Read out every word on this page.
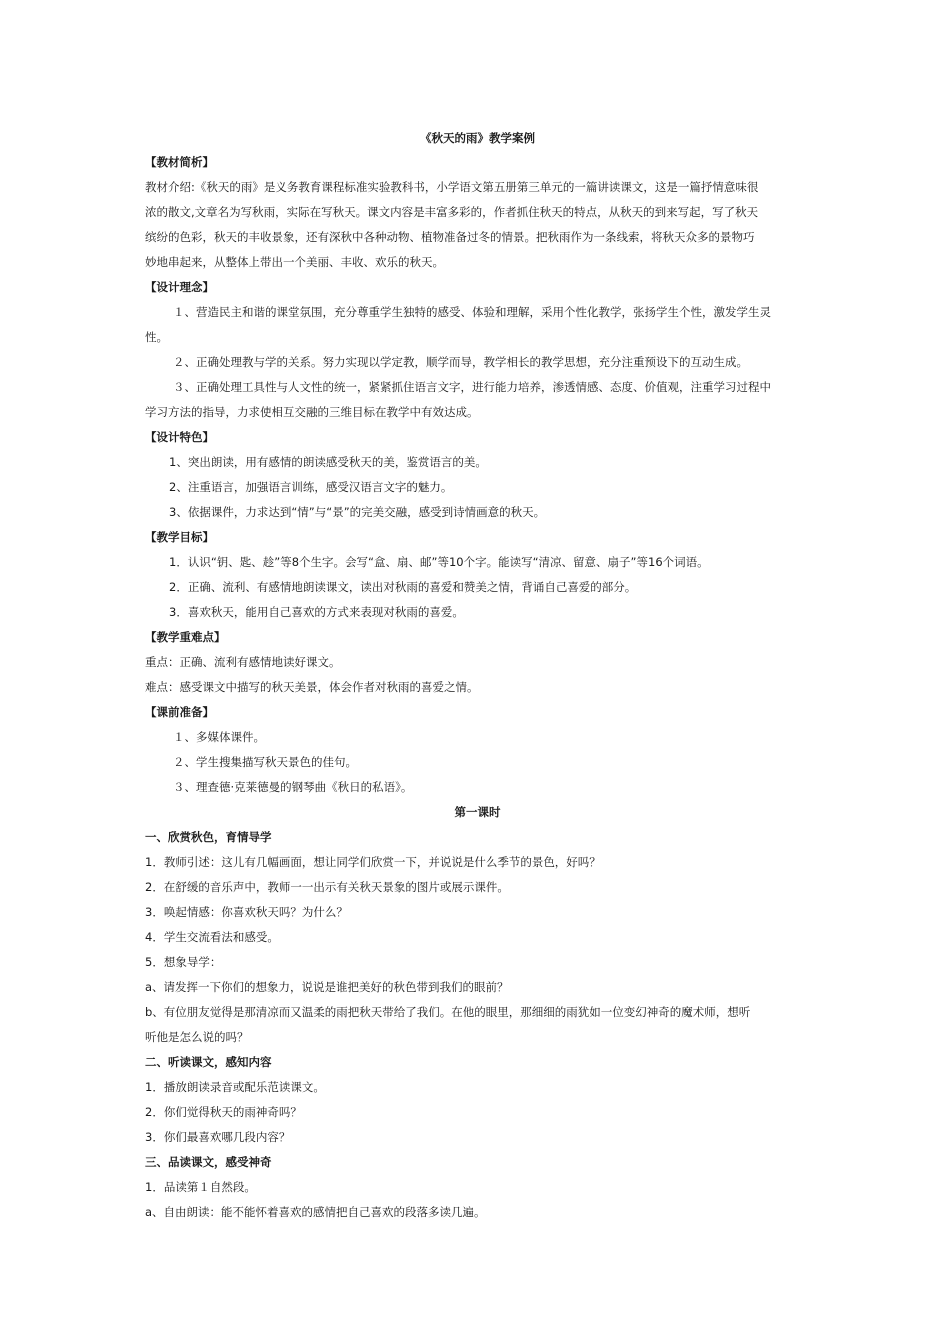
《秋天的雨》教学案例
【教材简析】
教材介绍:《秋天的雨》是义务教育课程标准实验教科书，小学语文第五册第三单元的一篇讲读课文，这是一篇抒情意味很
浓的散文,文章名为写秋雨，实际在写秋天。课文内容是丰富多彩的，作者抓住秋天的特点，从秋天的到来写起，写了秋天
缤纷的色彩，秋天的丰收景象，还有深秋中各种动物、植物准备过冬的情景。把秋雨作为一条线索，将秋天众多的景物巧
妙地串起来，从整体上带出一个美丽、丰收、欢乐的秋天。
【设计理念】
１、营造民主和谐的课堂氛围，充分尊重学生独特的感受、体验和理解，采用个性化教学，张扬学生个性，激发学生灵
性。
２、正确处理教与学的关系。努力实现以学定教，顺学而导，教学相长的教学思想，充分注重预设下的互动生成。
３、正确处理工具性与人文性的统一，紧紧抓住语言文字，进行能力培养，渗透情感、态度、价值观，注重学习过程中
学习方法的指导，力求使相互交融的三维目标在教学中有效达成。
【设计特色】
1、突出朗读，用有感情的朗读感受秋天的美，鉴赏语言的美。
2、注重语言，加强语言训练，感受汉语言文字的魅力。
3、依据课件，力求达到“情”与“景”的完美交融，感受到诗情画意的秋天。
【教学目标】
1．认识“钥、匙、趁”等8个生字。会写“盒、扇、邮”等10个字。能读写“清凉、留意、扇子”等16个词语。
2．正确、流利、有感情地朗读课文，读出对秋雨的喜爱和赞美之情，背诵自己喜爱的部分。
3．喜欢秋天，能用自己喜欢的方式来表现对秋雨的喜爱。
【教学重难点】
重点：正确、流利有感情地读好课文。
难点：感受课文中描写的秋天美景，体会作者对秋雨的喜爱之情。
【课前准备】
１、多媒体课件。
２、学生搜集描写秋天景色的佳句。
３、理查德·克莱德曼的钢琴曲《秋日的私语》。
第一课时
一、欣赏秋色，育情导学
1．教师引述：这儿有几幅画面，想让同学们欣赏一下，并说说是什么季节的景色，好吗？
2．在舒缓的音乐声中，教师一一出示有关秋天景象的图片或展示课件。
3．唤起情感：你喜欢秋天吗？为什么？
4．学生交流看法和感受。
5．想象导学：
a、请发挥一下你们的想象力，说说是谁把美好的秋色带到我们的眼前？
b、有位朋友觉得是那清凉而又温柔的雨把秋天带给了我们。在他的眼里，那细细的雨犹如一位变幻神奇的魔术师，想听
听他是怎么说的吗？
二、听读课文，感知内容
1．播放朗读录音或配乐范读课文。
2．你们觉得秋天的雨神奇吗？
3．你们最喜欢哪几段内容？
三、品读课文，感受神奇
1．品读第１自然段。
a、自由朗读：能不能怀着喜欢的感情把自己喜欢的段落多读几遍。
